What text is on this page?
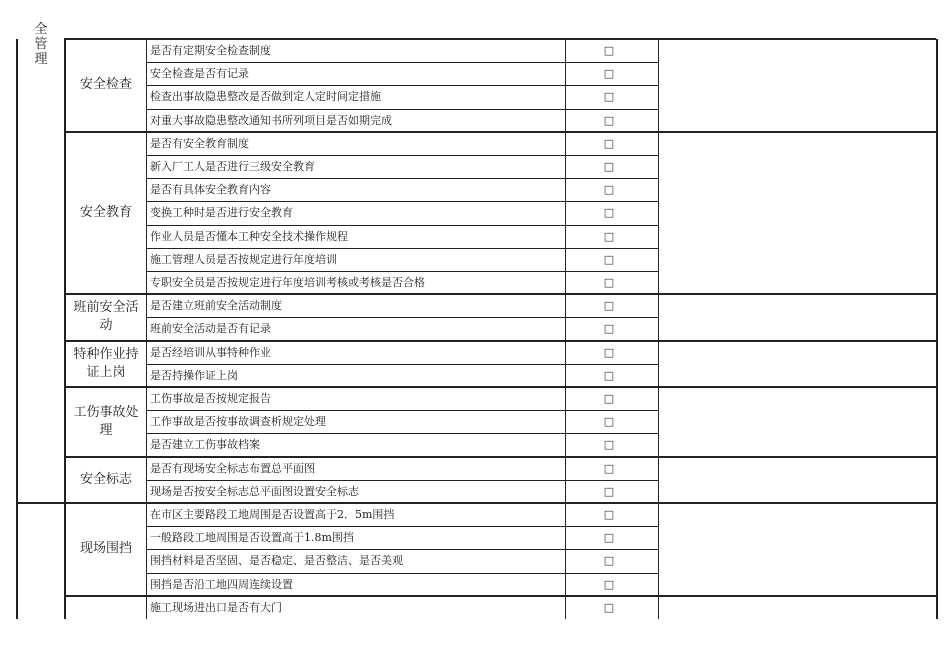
全
管
理
安全检查
是否有定期安全检查制度	□
安全检查是否有记录	□
检查出事故隐患整改是否做到定人定时间定措施	□
对重大事故隐患整改通知书所列项目是否如期完成	□
安全教育
是否有安全教育制度	□
新入厂工人是否进行三级安全教育	□
是否有具体安全教育内容	□
变换工种时是否进行安全教育	□
作业人员是否懂本工种安全技术操作规程	□
施工管理人员是否按规定进行年度培训	□
专职安全员是否按规定进行年度培训考核或考核是否合格	□
班前安全活
动
是否建立班前安全活动制度	□
班前安全活动是否有记录	□
特种作业持
证上岗
是否经培训从事特种作业	□
是否持操作证上岗	□
工伤事故处
理
工伤事故是否按规定报告	□
工作事故是否按事故调查析规定处理	□
是否建立工伤事故档案	□
安全标志
是否有现场安全标志布置总平面图	□
现场是否按安全标志总平面图设置安全标志	□
现场围挡
在市区主要路段工地周围是否设置高于2．5m围挡	□
一般路段工地周围是否设置高于1.8m围挡	□
围挡材料是否坚固、是否稳定、是否整洁、是否美观	□
围挡是否沿工地四周连续设置	□
施工现场进出口是否有大门	□
